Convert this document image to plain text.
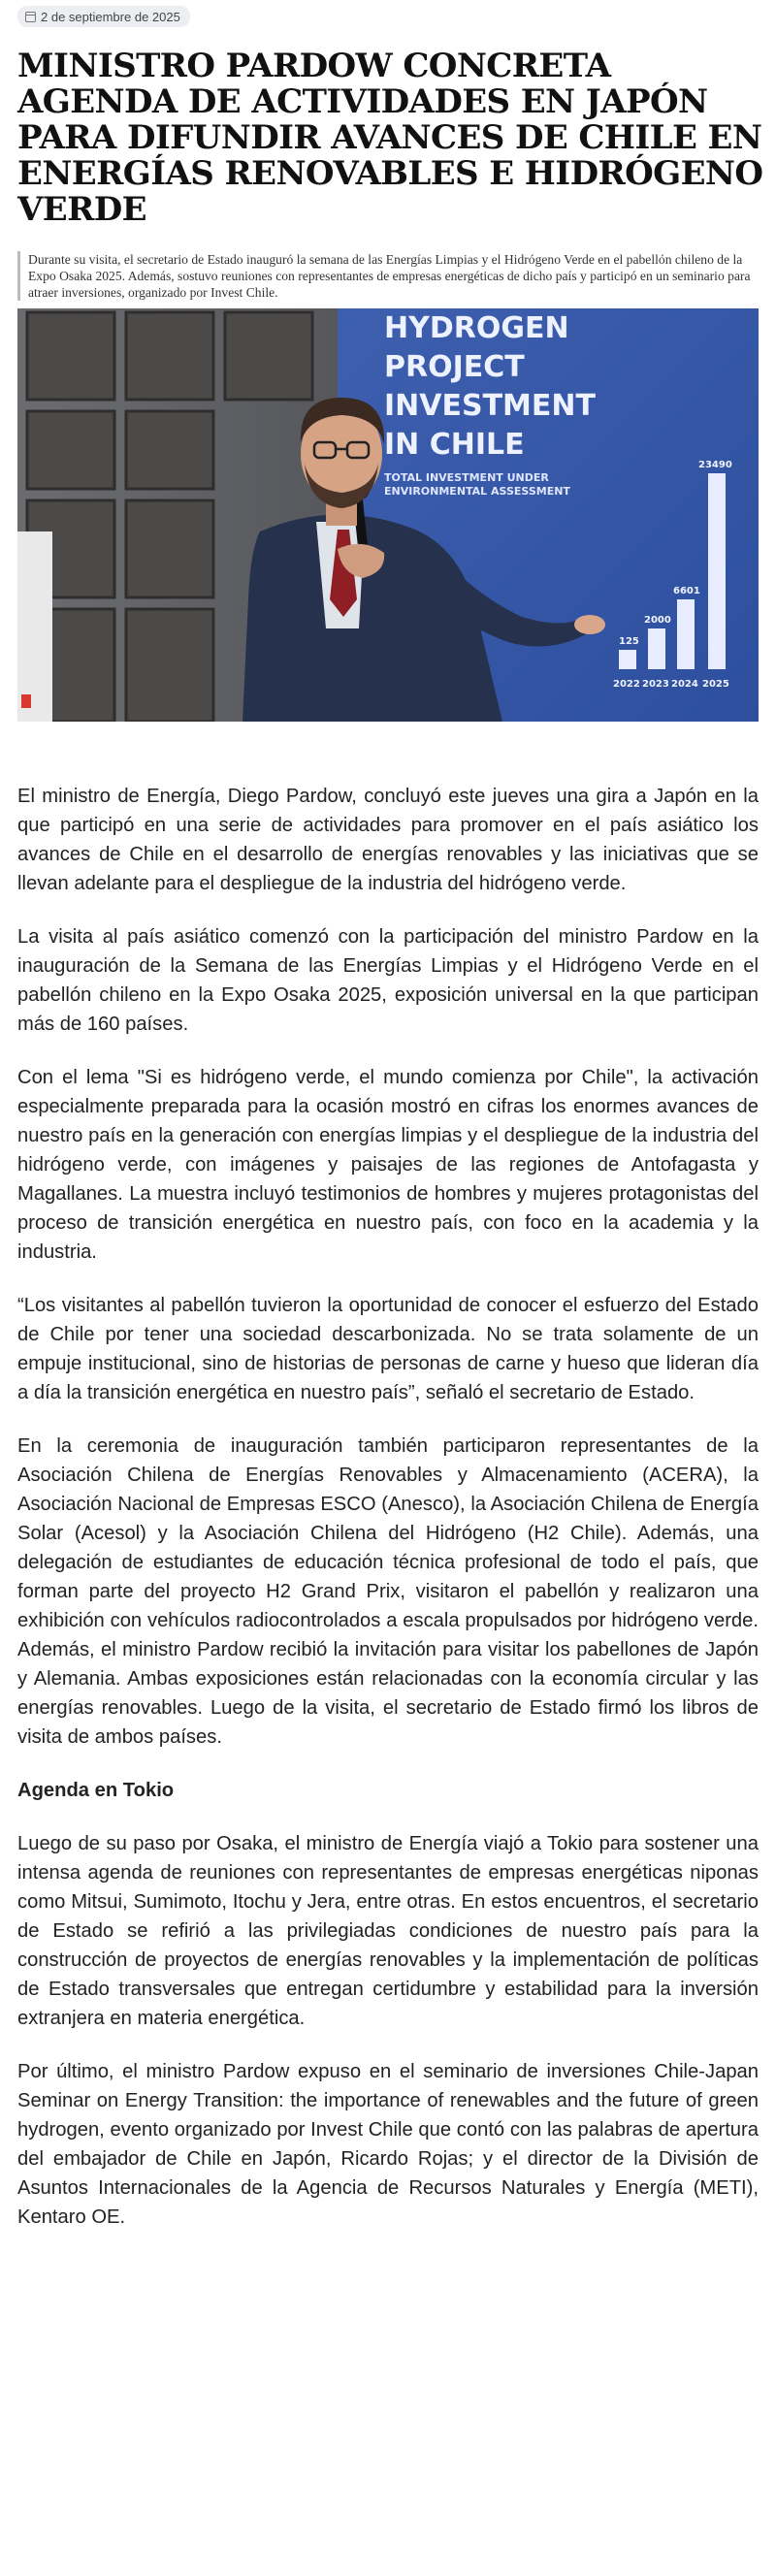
2 de septiembre de 2025
MINISTRO PARDOW CONCRETA AGENDA DE ACTIVIDADES EN JAPÓN PARA DIFUNDIR AVANCES DE CHILE EN ENERGÍAS RENOVABLES E HIDRÓGENO VERDE
Durante su visita, el secretario de Estado inauguró la semana de las Energías Limpias y el Hidrógeno Verde en el pabellón chileno de la Expo Osaka 2025. Además, sostuvo reuniones con representantes de empresas energéticas de dicho país y participó en un seminario para atraer inversiones, organizado por Invest Chile.
HYDROGEN
PROJECT
INVESTMENT
IN CHILE
TOTAL INVESTMENT UNDER
ENVIRONMENTAL ASSESSMENT
125
2000
6601
23490
2022 2023 2024 2025

El ministro de Energía, Diego Pardow, concluyó este jueves una gira a Japón en la que participó en una serie de actividades para promover en el país asiático los avances de Chile en el desarrollo de energías renovables y las iniciativas que se llevan adelante para el despliegue de la industria del hidrógeno verde.

La visita al país asiático comenzó con la participación del ministro Pardow en la inauguración de la Semana de las Energías Limpias y el Hidrógeno Verde en el pabellón chileno en la Expo Osaka 2025, exposición universal en la que participan más de 160 países.

Con el lema "Si es hidrógeno verde, el mundo comienza por Chile", la activación especialmente preparada para la ocasión mostró en cifras los enormes avances de nuestro país en la generación con energías limpias y el despliegue de la industria del hidrógeno verde, con imágenes y paisajes de las regiones de Antofagasta y Magallanes. La muestra incluyó testimonios de hombres y mujeres protagonistas del proceso de transición energética en nuestro país, con foco en la academia y la industria.

“Los visitantes al pabellón tuvieron la oportunidad de conocer el esfuerzo del Estado de Chile por tener una sociedad descarbonizada. No se trata solamente de un empuje institucional, sino de historias de personas de carne y hueso que lideran día a día la transición energética en nuestro país”, señaló el secretario de Estado.

En la ceremonia de inauguración también participaron representantes de la Asociación Chilena de Energías Renovables y Almacenamiento (ACERA), la Asociación Nacional de Empresas ESCO (Anesco), la Asociación Chilena de Energía Solar (Acesol) y la Asociación Chilena del Hidrógeno (H2 Chile). Además, una delegación de estudiantes de educación técnica profesional de todo el país, que forman parte del proyecto H2 Grand Prix, visitaron el pabellón y realizaron una exhibición con vehículos radiocontrolados a escala propulsados por hidrógeno verde. Además, el ministro Pardow recibió la invitación para visitar los pabellones de Japón y Alemania. Ambas exposiciones están relacionadas con la economía circular y las energías renovables. Luego de la visita, el secretario de Estado firmó los libros de visita de ambos países.

Agenda en Tokio

Luego de su paso por Osaka, el ministro de Energía viajó a Tokio para sostener una intensa agenda de reuniones con representantes de empresas energéticas niponas como Mitsui, Sumimoto, Itochu y Jera, entre otras. En estos encuentros, el secretario de Estado se refirió a las privilegiadas condiciones de nuestro país para la construcción de proyectos de energías renovables y la implementación de políticas de Estado transversales que entregan certidumbre y estabilidad para la inversión extranjera en materia energética.

Por último, el ministro Pardow expuso en el seminario de inversiones Chile-Japan Seminar on Energy Transition: the importance of renewables and the future of green hydrogen, evento organizado por Invest Chile que contó con las palabras de apertura del embajador de Chile en Japón, Ricardo Rojas; y el director de la División de Asuntos Internacionales de la Agencia de Recursos Naturales y Energía (METI), Kentaro OE.
